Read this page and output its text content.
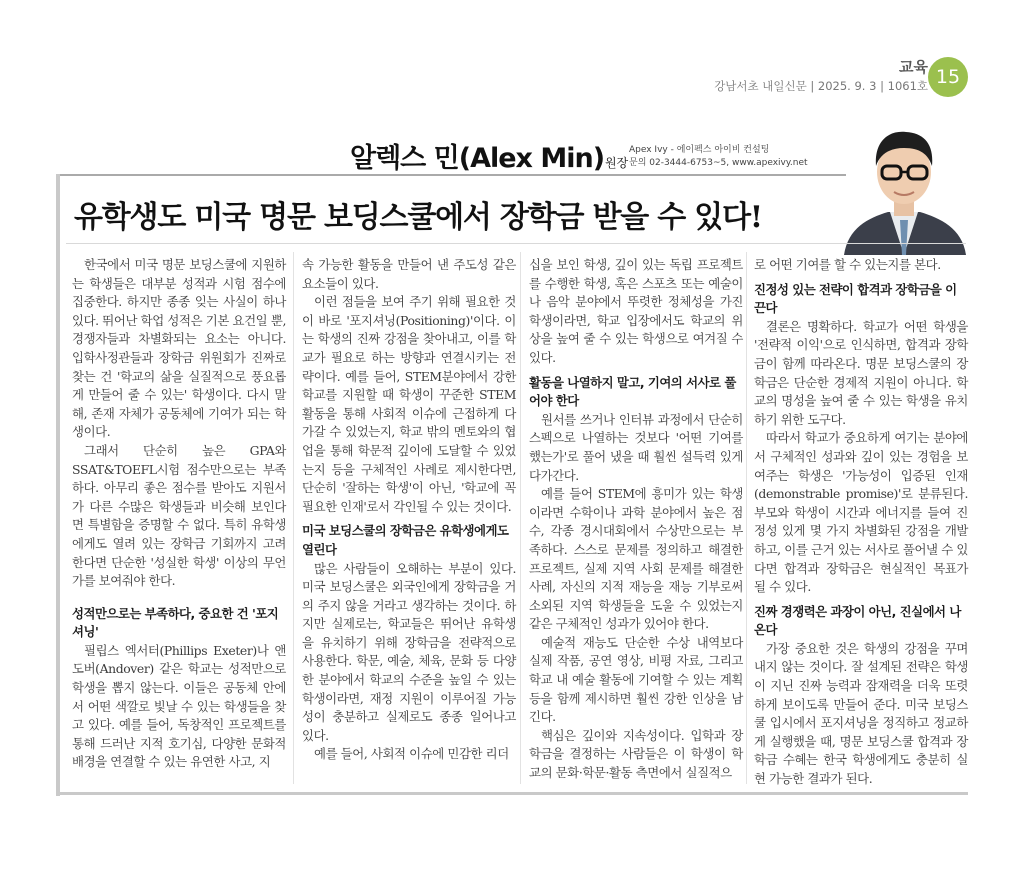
교육
강남서초 내일신문 | 2025. 9. 3 | 1061호 15
알렉스 민(Alex Min)원장
Apex Ivy - 에이펙스 아이비 컨설팅
문의 02-3444-6753~5, www.apexivy.net
유학생도 미국 명문 보딩스쿨에서 장학금 받을 수 있다!

한국에서 미국 명문 보딩스쿨에 지원하는 학생들은 대부분 성적과 시험 점수에 집중한다. 하지만 종종 잊는 사실이 하나 있다. 뛰어난 학업 성적은 기본 요건일 뿐, 경쟁자들과 차별화되는 요소는 아니다. 입학사정관들과 장학금 위원회가 진짜로 찾는 건 '학교의 삶을 실질적으로 풍요롭게 만들어 줄 수 있는' 학생이다. 다시 말해, 존재 자체가 공동체에 기여가 되는 학생이다.

그래서 단순히 높은 GPA와 SSAT&TOEFL시험 점수만으로는 부족하다. 아무리 좋은 점수를 받아도 지원서가 다른 수많은 학생들과 비슷해 보인다면 특별함을 증명할 수 없다. 특히 유학생에게도 열려 있는 장학금 기회까지 고려한다면 단순한 '성실한 학생' 이상의 무언가를 보여줘야 한다.

성적만으로는 부족하다, 중요한 건 '포지셔닝'

필립스 엑서터(Phillips Exeter)나 앤도버(Andover) 같은 학교는 성적만으로 학생을 뽑지 않는다. 이들은 공동체 안에서 어떤 색깔로 빛날 수 있는 학생들을 찾고 있다. 예를 들어, 독창적인 프로젝트를 통해 드러난 지적 호기심, 다양한 문화적 배경을 연결할 수 있는 유연한 사고, 지

속 가능한 활동을 만들어 낸 주도성 같은 요소들이 있다.

이런 점들을 보여 주기 위해 필요한 것이 바로 '포지셔닝(Positioning)'이다. 이는 학생의 진짜 강점을 찾아내고, 이를 학교가 필요로 하는 방향과 연결시키는 전략이다. 예를 들어, STEM분야에서 강한 학교를 지원할 때 학생이 꾸준한 STEM 활동을 통해 사회적 이슈에 근접하게 다가갈 수 있었는지, 학교 밖의 멘토와의 협업을 통해 학문적 깊이에 도달할 수 있었는지 등을 구체적인 사례로 제시한다면, 단순히 '잘하는 학생'이 아닌, '학교에 꼭 필요한 인재'로서 각인될 수 있는 것이다.

미국 보딩스쿨의 장학금은 유학생에게도 열린다

많은 사람들이 오해하는 부분이 있다. 미국 보딩스쿨은 외국인에게 장학금을 거의 주지 않을 거라고 생각하는 것이다. 하지만 실제로는, 학교들은 뛰어난 유학생을 유치하기 위해 장학금을 전략적으로 사용한다. 학문, 예술, 체육, 문화 등 다양한 분야에서 학교의 수준을 높일 수 있는 학생이라면, 재정 지원이 이루어질 가능성이 충분하고 실제로도 종종 일어나고 있다.

예를 들어, 사회적 이슈에 민감한 리더

십을 보인 학생, 깊이 있는 독립 프로젝트를 수행한 학생, 혹은 스포츠 또는 예술이나 음악 분야에서 뚜렷한 정체성을 가진 학생이라면, 학교 입장에서도 학교의 위상을 높여 줄 수 있는 학생으로 여겨질 수 있다.

활동을 나열하지 말고, 기여의 서사로 풀어야 한다

원서를 쓰거나 인터뷰 과정에서 단순히 스펙으로 나열하는 것보다 '어떤 기여를 했는가'로 풀어 냈을 때 훨씬 설득력 있게 다가간다.

예를 들어 STEM에 흥미가 있는 학생이라면 수학이나 과학 분야에서 높은 점수, 각종 경시대회에서 수상만으로는 부족하다. 스스로 문제를 정의하고 해결한 프로젝트, 실제 지역 사회 문제를 해결한 사례, 자신의 지적 재능을 재능 기부로써 소외된 지역 학생들을 도울 수 있었는지 같은 구체적인 성과가 있어야 한다.

예술적 재능도 단순한 수상 내역보다 실제 작품, 공연 영상, 비평 자료, 그리고 학교 내 예술 활동에 기여할 수 있는 계획 등을 함께 제시하면 훨씬 강한 인상을 남긴다.

핵심은 깊이와 지속성이다. 입학과 장학금을 결정하는 사람들은 이 학생이 학교의 문화·학문·활동 측면에서 실질적으

로 어떤 기여를 할 수 있는지를 본다.

진정성 있는 전략이 합격과 장학금을 이끈다

결론은 명확하다. 학교가 어떤 학생을 '전략적 이익'으로 인식하면, 합격과 장학금이 함께 따라온다. 명문 보딩스쿨의 장학금은 단순한 경제적 지원이 아니다. 학교의 명성을 높여 줄 수 있는 학생을 유치하기 위한 도구다.

따라서 학교가 중요하게 여기는 분야에서 구체적인 성과와 깊이 있는 경험을 보여주는 학생은 '가능성이 입증된 인재(demonstrable promise)'로 분류된다. 부모와 학생이 시간과 에너지를 들여 진정성 있게 몇 가지 차별화된 강점을 개발하고, 이를 근거 있는 서사로 풀어낼 수 있다면 합격과 장학금은 현실적인 목표가 될 수 있다.

진짜 경쟁력은 과장이 아닌, 진실에서 나온다

가장 중요한 것은 학생의 강점을 꾸며내지 않는 것이다. 잘 설계된 전략은 학생이 지닌 진짜 능력과 잠재력을 더욱 또렷하게 보이도록 만들어 준다. 미국 보딩스쿨 입시에서 포지셔닝을 정직하고 정교하게 실행했을 때, 명문 보딩스쿨 합격과 장학금 수혜는 한국 학생에게도 충분히 실현 가능한 결과가 된다.
